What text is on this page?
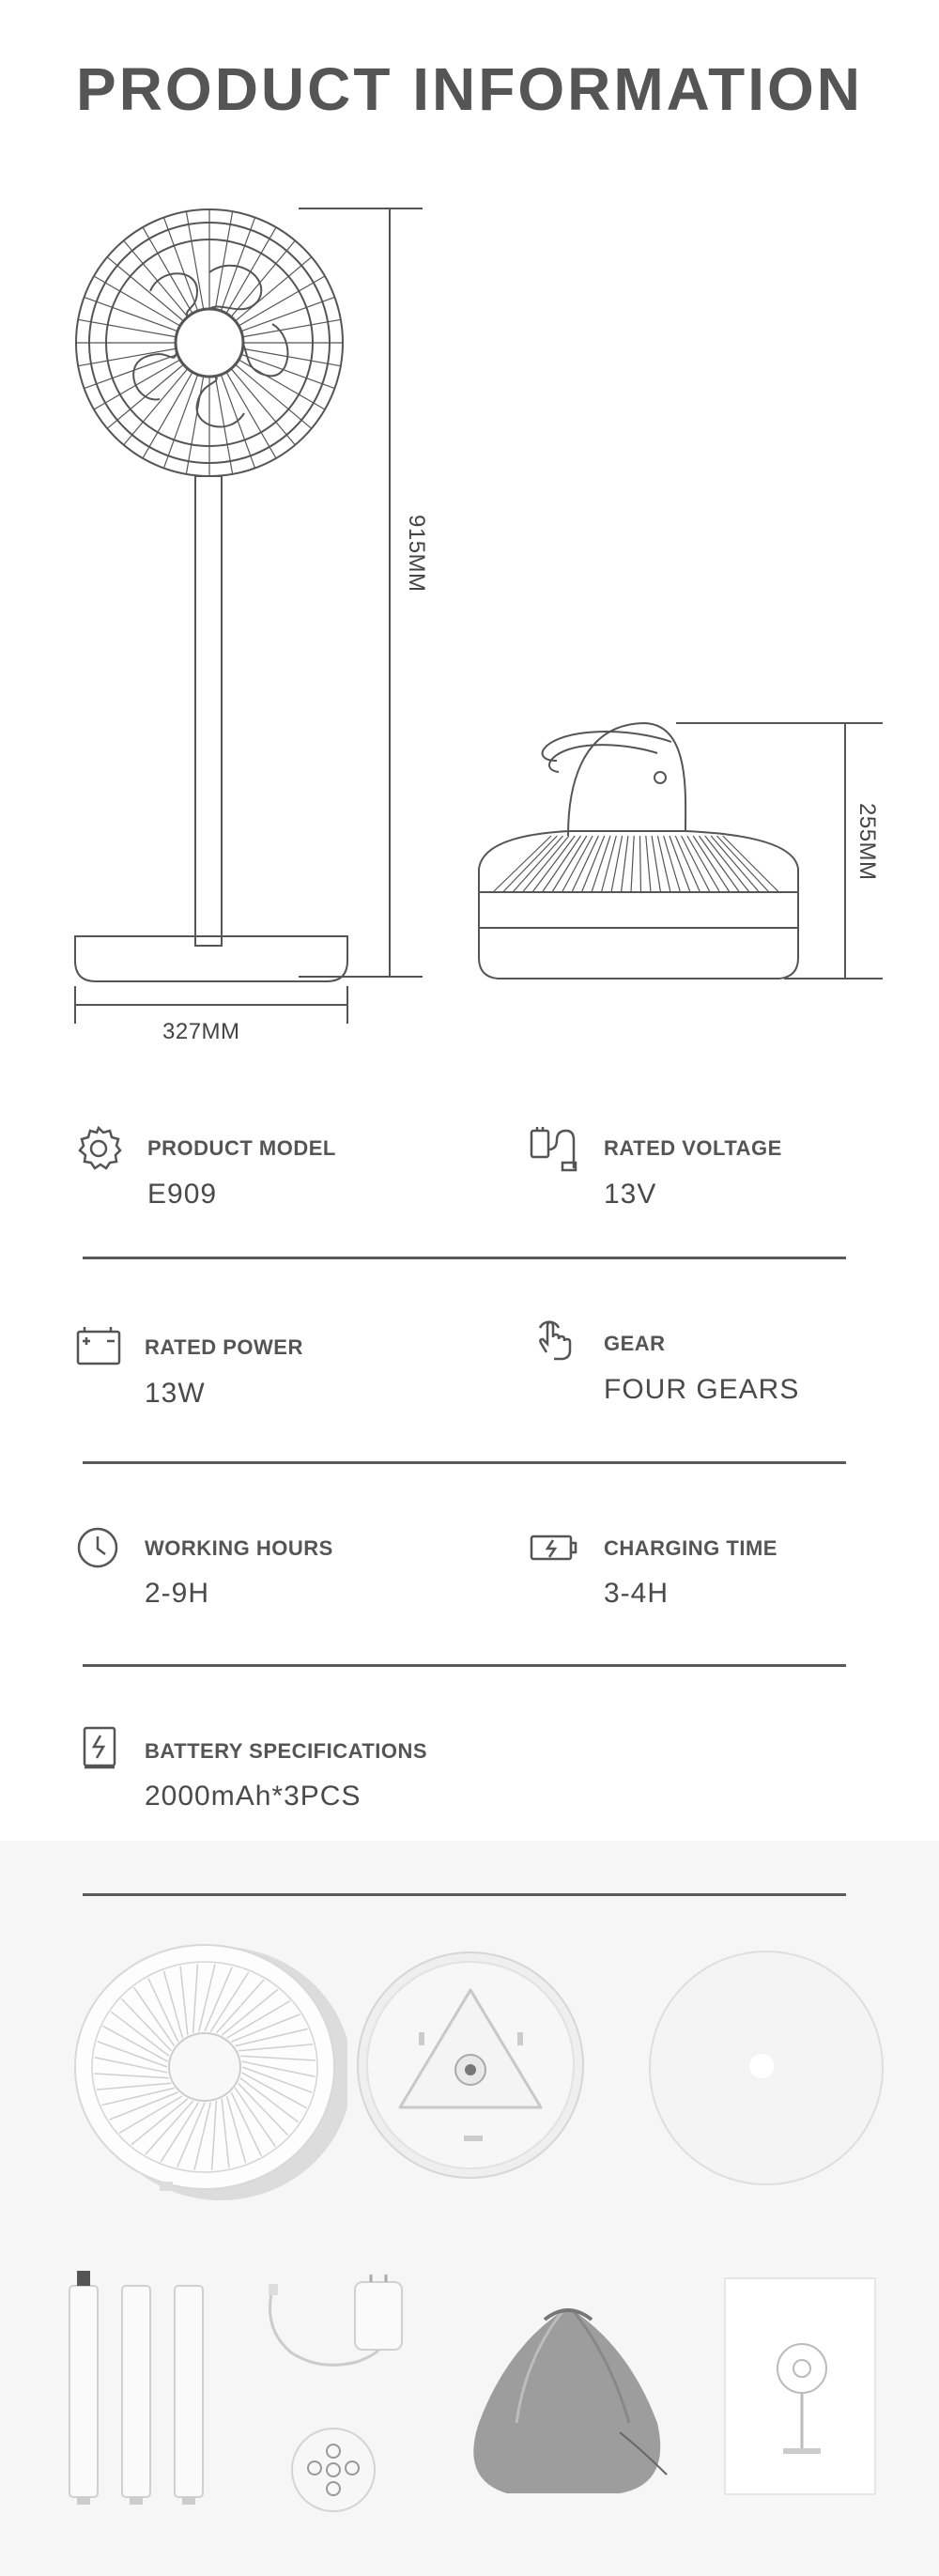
PRODUCT INFORMATION
915MM
327MM
255MM
PRODUCT MODEL
E909
RATED VOLTAGE
13V
RATED POWER
13W
GEAR
FOUR GEARS
WORKING HOURS
2-9H
CHARGING TIME
3-4H
BATTERY SPECIFICATIONS
2000mAh*3PCS
